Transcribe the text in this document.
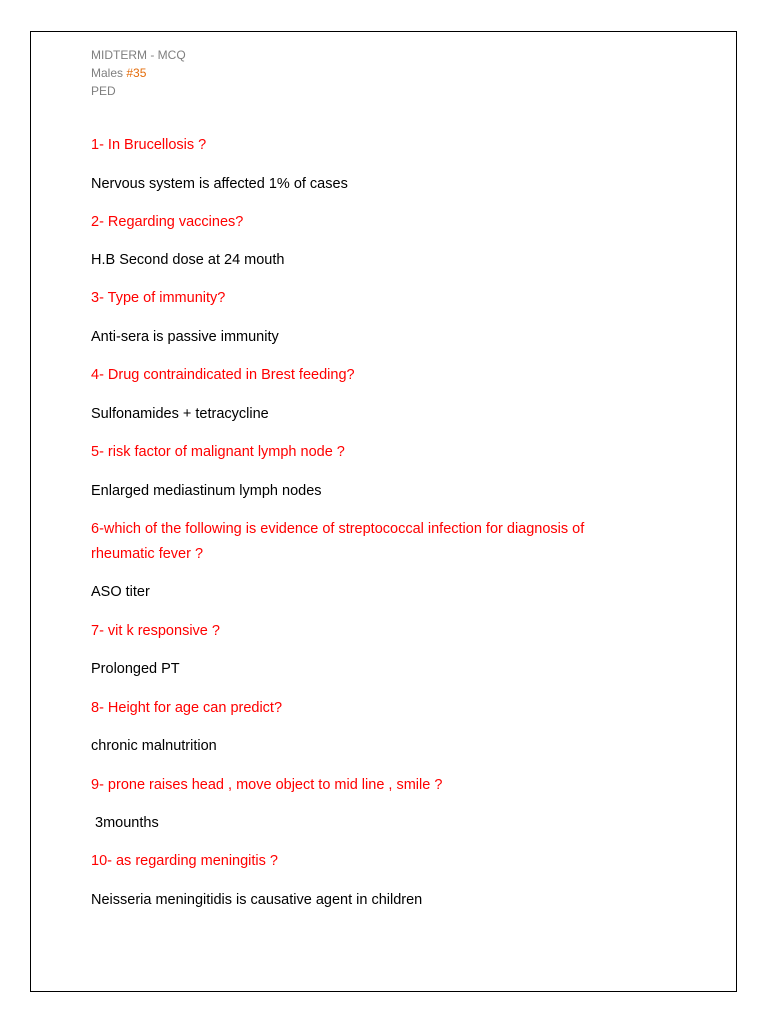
MIDTERM - MCQ
Males #35
PED
1- In Brucellosis ?
Nervous system is affected 1% of cases
2- Regarding vaccines?
H.B Second dose at 24 mouth
3- Type of immunity?
Anti-sera is passive immunity
4- Drug contraindicated in Brest feeding?
Sulfonamides + tetracycline
5- risk factor of malignant lymph node ?
Enlarged mediastinum lymph nodes
6-which of the following is evidence of streptococcal infection for diagnosis of
rheumatic fever ?
ASO titer
7- vit k responsive ?
Prolonged PT
8- Height for age can predict?
chronic malnutrition
9- prone raises head , move object to mid line , smile ?
3mounths
10- as regarding meningitis ?
Neisseria meningitidis is causative agent in children
